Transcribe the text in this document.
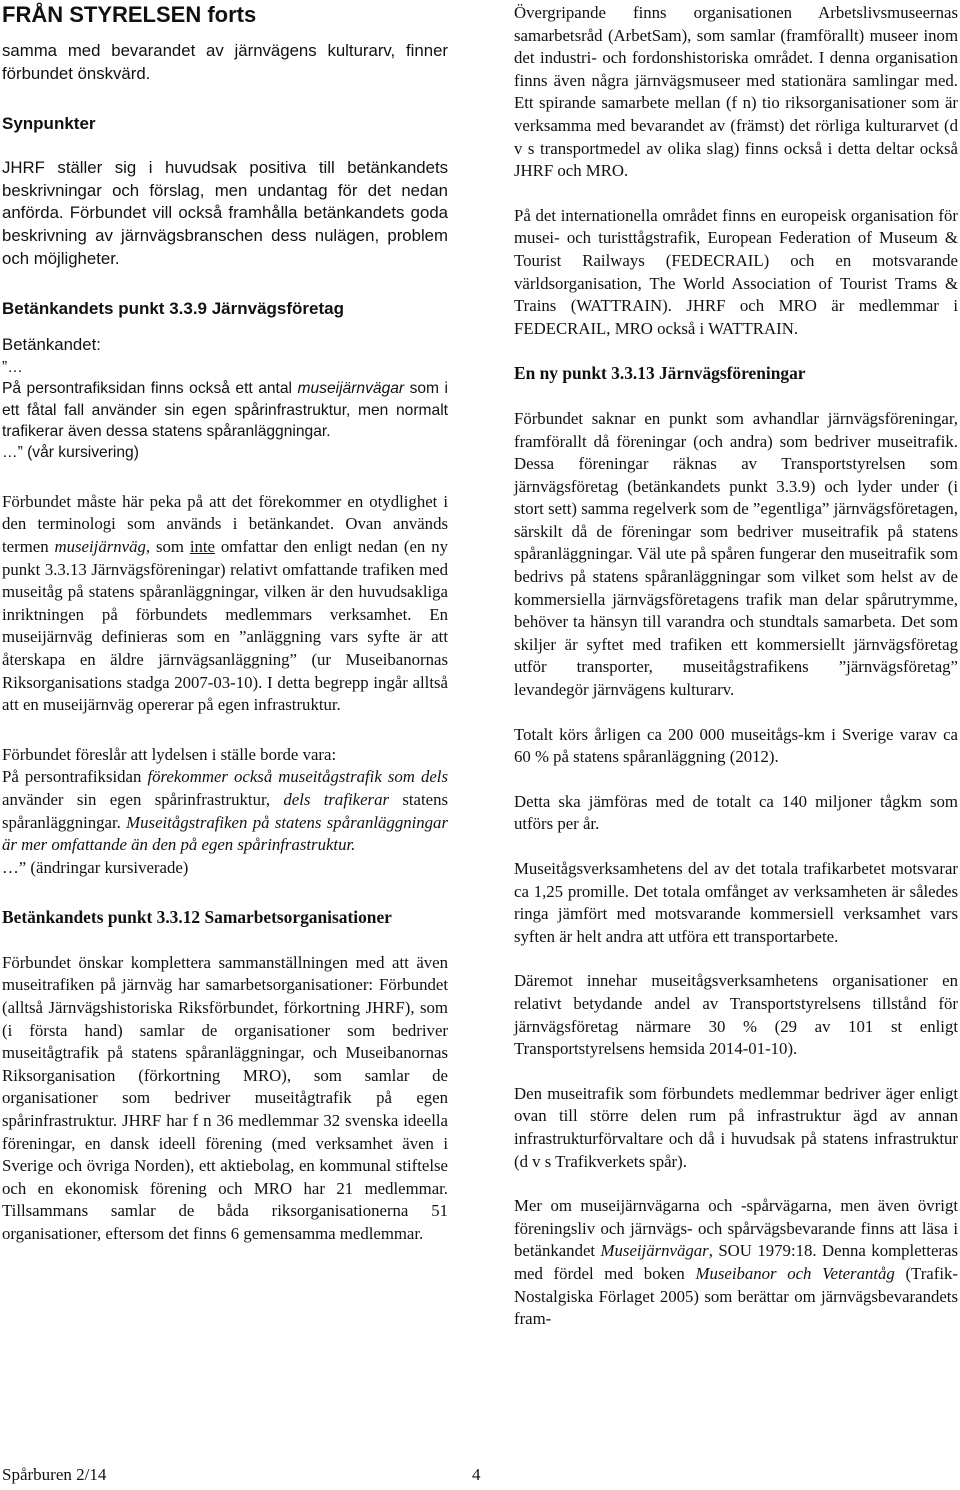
FRÅN STYRELSEN forts

samma med bevarandet av järnvägens kulturarv, finner förbundet önskvärd.

Synpunkter

JHRF ställer sig i huvudsak positiva till betänkandets beskrivningar och förslag, men undantag för det nedan anförda. Förbundet vill också framhålla betänkandets goda beskrivning av järnvägsbranschen dess nulägen, problem och möjligheter.

Betänkandets punkt 3.3.9 Järnvägsföretag

Betänkandet:

”…

På persontrafiksidan finns också ett antal museijärnvägar som i ett fåtal fall använder sin egen spårinfrastruktur, men normalt trafikerar även dessa statens spåranläggningar.

…” (vår kursivering)

Förbundet måste här peka på att det förekommer en otydlighet i den terminologi som används i betänkandet. Ovan används termen museijärnväg, som inte omfattar den enligt nedan (en ny punkt 3.3.13 Järnvägsföreningar) relativt omfattande trafiken med museitåg på statens spåranläggningar, vilken är den huvudsakliga inriktningen på förbundets medlemmars verksamhet. En museijärnväg definieras som en ”anläggning vars syfte är att återskapa en äldre järnvägsanläggning” (ur Museibanornas Riksorganisations stadga 2007-03-10). I detta begrepp ingår alltså att en museijärnväg opererar på egen infrastruktur.

Förbundet föreslår att lydelsen i ställe borde vara:

På persontrafiksidan förekommer också museitågstrafik som dels använder sin egen spårinfrastruktur, dels trafikerar statens spåranläggningar. Museitågstrafiken på statens spåranläggningar är mer omfattande än den på egen spårinfrastruktur.

…” (ändringar kursiverade)

Betänkandets punkt 3.3.12 Samarbetsorganisationer

Förbundet önskar komplettera sammanställningen med att även museitrafiken på järnväg har samarbetsorganisationer: Förbundet (alltså Järnvägshistoriska Riksförbundet, förkortning JHRF), som (i första hand) samlar de organisationer som bedriver museitågtrafik på statens spåranläggningar, och Museibanornas Riksorganisation (förkortning MRO), som samlar de organisationer som bedriver museitågtrafik på egen spårinfrastruktur. JHRF har f n 36 medlemmar 32 svenska ideella föreningar, en dansk ideell förening (med verksamhet även i Sverige och övriga Norden), ett aktiebolag, en kommunal stiftelse och en ekonomisk förening och MRO har 21 medlemmar. Tillsammans samlar de båda riksorganisationerna 51 organisationer, eftersom det finns 6 gemensamma medlemmar.

Övergripande finns organisationen Arbetslivsmuseernas samarbetsråd (ArbetSam), som samlar (framförallt) museer inom det industri- och fordonshistoriska området. I denna organisation finns även några järnvägsmuseer med stationära samlingar med. Ett spirande samarbete mellan (f n) tio riksorganisationer som är verksamma med bevarandet av (främst) det rörliga kulturarvet (d v s transportmedel av olika slag) finns också i detta deltar också JHRF och MRO.

På det internationella området finns en europeisk organisation för musei- och turisttågstrafik, European Federation of Museum & Tourist Railways (FEDECRAIL) och en motsvarande världsorganisation, The World Association of Tourist Trams & Trains (WATTRAIN). JHRF och MRO är medlemmar i FEDECRAIL, MRO också i WATTRAIN.

En ny punkt 3.3.13 Järnvägsföreningar

Förbundet saknar en punkt som avhandlar järnvägsföreningar, framförallt då föreningar (och andra) som bedriver museitrafik. Dessa föreningar räknas av Transportstyrelsen som järnvägsföretag (betänkandets punkt 3.3.9) och lyder under (i stort sett) samma regelverk som de ”egentliga” järnvägsföretagen, särskilt då de föreningar som bedriver museitrafik på statens spåranläggningar. Väl ute på spåren fungerar den museitrafik som bedrivs på statens spåranläggningar som vilket som helst av de kommersiella järnvägsföretagens trafik man delar spårutrymme, behöver ta hänsyn till varandra och stundtals samarbeta. Det som skiljer är syftet med trafiken ett kommersiellt järnvägsföretag utför transporter, museitågstrafikens ”järnvägsföretag” levandegör järnvägens kulturarv.

Totalt körs årligen ca 200 000 museitågs-km i Sverige varav ca 60 % på statens spåranläggning (2012).

Detta ska jämföras med de totalt ca 140 miljoner tågkm som utförs per år.

Museitågsverksamhetens del av det totala trafikarbetet motsvarar ca 1,25 promille. Det totala omfånget av verksamheten är således ringa jämfört med motsvarande kommersiell verksamhet vars syften är helt andra att utföra ett transportarbete.

Däremot innehar museitågsverksamhetens organisationer en relativt betydande andel av Transportstyrelsens tillstånd för järnvägsföretag närmare 30 % (29 av 101 st enligt Transportstyrelsens hemsida 2014-01-10).

Den museitrafik som förbundets medlemmar bedriver äger enligt ovan till större delen rum på infrastruktur ägd av annan infrastrukturförvaltare och då i huvudsak på statens infrastruktur (d v s Trafikverkets spår).

Mer om museijärnvägarna och -spårvägarna, men även övrigt föreningsliv och järnvägs- och spårvägsbevarande finns att läsa i betänkandet Museijärnvägar, SOU 1979:18. Denna kompletteras med fördel med boken Museibanor och Veterantåg (Trafik-Nostalgiska Förlaget 2005) som berättar om järnvägsbevarandets fram-

Spårburen 2/14	4
